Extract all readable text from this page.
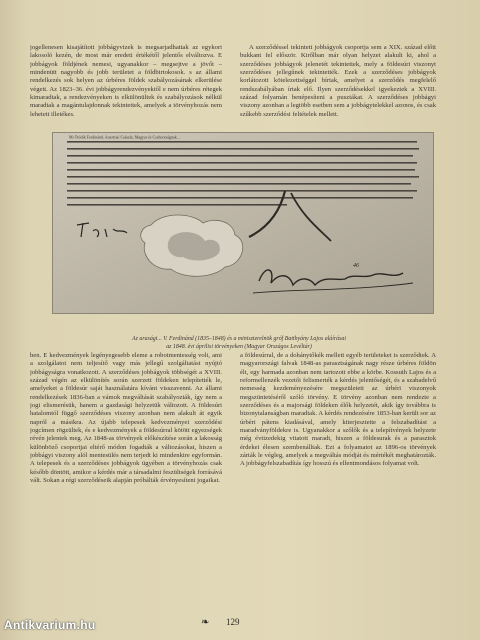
jogellenesen kisajátított jobbágyvizek is megsarjadhattak az egykori lakosoló kezén, de most már eredeti értékétől jelentős elváltozva. E jobbágyok földjének nemesi, ugyanakkor – megsejtve a jövőt – mindenütt nagyobb és jobb területet a földbirtokosok. s az állami rendelkezés sok helyen az úrbéres földek szabályozásának elkerülése végett. Az 1823–36. évi jobbágyrendezvényektől e nem úrbéres rétegek kimaradtak, a rendezvényeken is elkülönültek és szabályozások nélkül maradtak a magántulajdonnak tekintettek, amelyek a törvényhozás nem lehetett illetékes.

A szerződéssel tekintett jobbágyok csoportja sem a XIX. század előtt bukkant fel először. Kirőlban már olyan helyzet alakult ki, ahol a szerződéses jobbágyok jelenetét tekintettek, mely a földesúri viszonyt szerződéses jellegűnek tekintették. Ezek a szerződéses jobbágyok korlátozott kötelezettséggel bírtak, amelyet a szerződés megfelelő rendszabályában írtak elő. Ilyen szerződésekkel igyekeztek a XVIII. század folyamán benépesíteni a pusztákat. A szerződéses jobbágyi viszony azonban a legtöbb esetben sem a jobbágytelekkel azonos, és csak szűkebb szerződési feltételek mellett.

Mi Ötödik Ferdinánd, Ausztriai Császár, Magyar és Csehországnak...
46
Az urasági... V. Ferdinánd (1835–1848) és a miniszterelnök gróf Batthyány Lajos aláírásai
az 1848. évi áprilisi törvényeken (Magyar Országos Levéltár)

ben. E kedvezmények legényegesebb eleme a robotmentesség volt, ami a szolgálatot nem teljesítő vagy más jellegű szolgáltatást nyújtó jobbágyságra vonatkozott. A szerződéses jobbágyok többségét a XVIII. század végén az elkülönítés során szerzett földeken telepítették le, amelyeket a földesúr saját használatára kívánt visszavenni. Az állami rendelkezések 1836-ban a vámok megváltását szabályozták, így nem a jogi elismerésük, hanem a gazdasági helyzetük változott. A földesúri hatalomtól függő szerződéses viszony azonban nem alakult át egyik napról a másikra. Az újabb telepesek kedvezményei szerződési jogcímen rögzültek, és e kedvezmények a földesúrral kötött egyezségek révén jelentek meg. Az 1848-as törvények előkészítése során a lakosság különböző csoportjai eltérő módon fogadták a változásokat, hiszen a jobbágyi viszony alól mentesülés nem terjedt ki mindenkire egyformán. A telepesek és a szerződéses jobbágyok ügyében a törvényhozás csak később döntött, amikor a kérdés már a társadalmi feszültségek forrásává vált. Sokan a régi szerződéseik alapján próbálták érvényesíteni jogaikat.

a földesúrral, de a dohánytőkék mellett egyéb területeket is szerződtek. A magyarországi falvak 1848-as parasztságának nagy része úrbéres földön élt, egy harmada azonban nem tartozott ebbe a körbe. Kossuth Lajos és a reformellenzék vezetői felismerték a kérdés jelentőségét, és a szabadelvű nemesség kezdeményezésére megszületett az úrbéri viszonyok megszüntetéséről szóló törvény. E törvény azonban nem rendezte a szerződéses és a majorsági földeken élők helyzetét, akik így továbbra is bizonytalanságban maradtak. A kérdés rendezésére 1853-ban került sor az úrbéri pátens kiadásával, amely kiterjesztette a felszabadítást a maradványföldekre is. Ugyanakkor a szőlők és a telepítvények helyzete még évtizedekig vitatott maradt, hiszen a földesurak és a parasztok érdekei élesen szembenálltak. Ezt a folyamatot az 1896-os törvények zárták le végleg, amelyek a megváltás módját és mértékét meghatározták. A jobbágyfelszabadítás így hosszú és ellentmondásos folyamat volt.

❧ 129
Antikvarium.hu
